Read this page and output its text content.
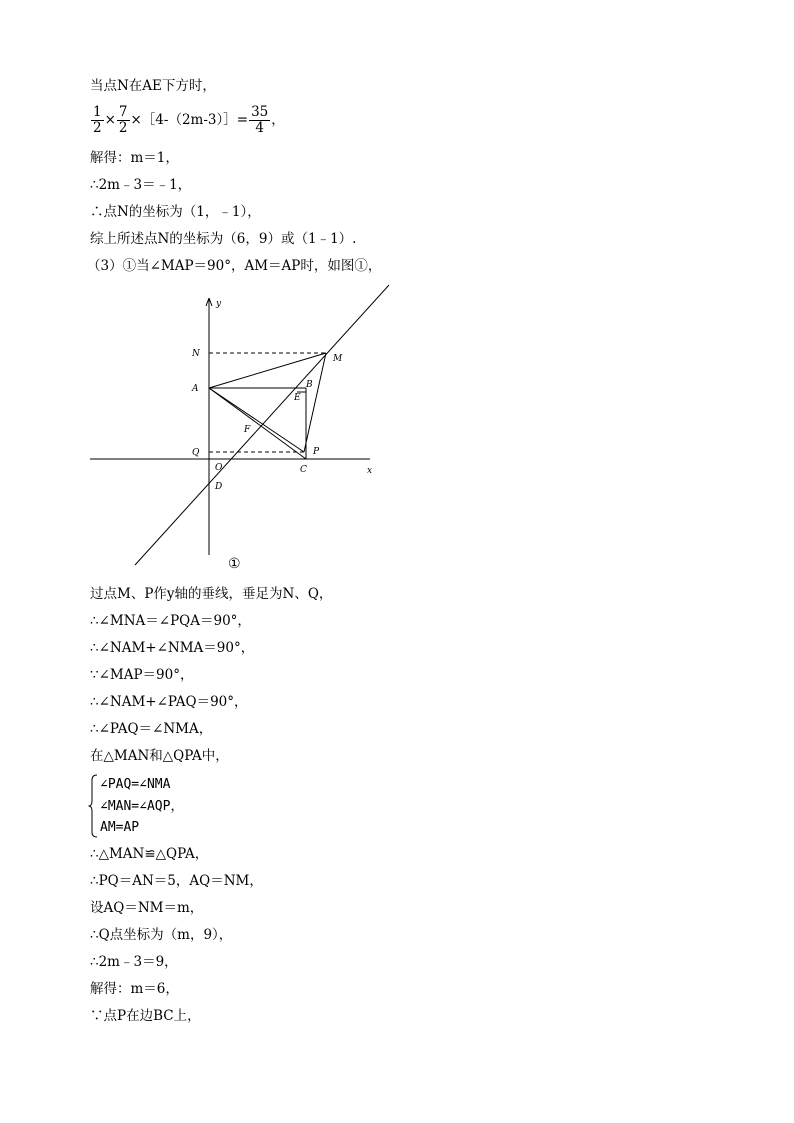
当点N在AE下方时，
$\frac{1}{2} \times \frac{7}{2}$ ×［4-（2m-3）］= $\frac{35}{4}$ ，
解得：m＝1，
∴2m﹣3＝﹣1，
∴点N的坐标为（1，﹣1），
综上所述点N的坐标为（6，9）或（1﹣1）.
（3）①当∠MAP＝90°，AM＝AP时，如图①，
y
x
N	M
A	B
E
F
Q	P
O	C
D
①
过点M、P作y轴的垂线，垂足为N、Q，
∴∠MNA＝∠PQA＝90°，
∴∠NAM+∠NMA＝90°，
∵∠MAP＝90°，
∴∠NAM+∠PAQ＝90°，
∴∠PAQ＝∠NMA，
在△MAN和△QPA中，
∠PAQ=∠NMA
∠MAN=∠AQP，
AM=AP
∴△MAN≌△QPA，
∴PQ＝AN＝5，AQ＝NM，
设AQ＝NM＝m，
∴Q点坐标为（m，9），
∴2m﹣3＝9，
解得：m＝6，
∵点P在边BC上，
